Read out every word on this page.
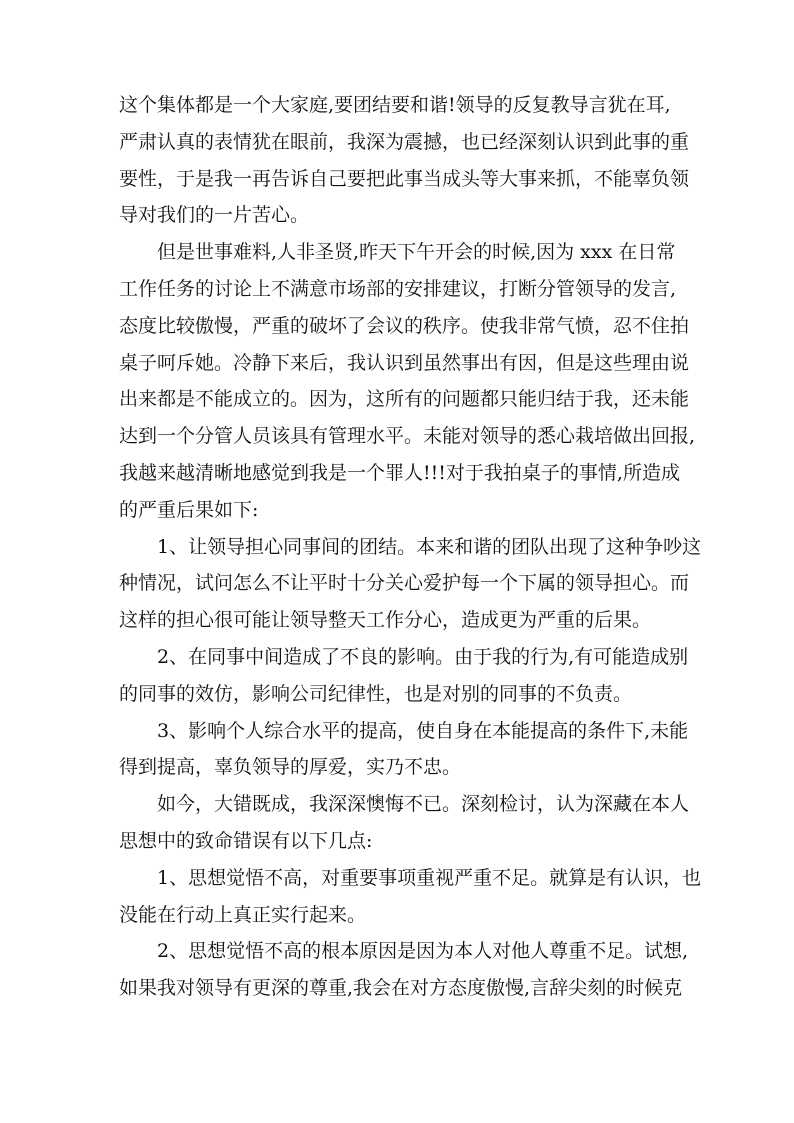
这个集体都是一个大家庭,要团结要和谐!领导的反复教导言犹在耳,
严肃认真的表情犹在眼前，我深为震撼，也已经深刻认识到此事的重
要性，于是我一再告诉自己要把此事当成头等大事来抓，不能辜负领
导对我们的一片苦心。
但是世事难料,人非圣贤,昨天下午开会的时候,因为 xxx 在日常
工作任务的讨论上不满意市场部的安排建议，打断分管领导的发言,
态度比较傲慢，严重的破坏了会议的秩序。使我非常气愤，忍不住拍
桌子呵斥她。冷静下来后，我认识到虽然事出有因，但是这些理由说
出来都是不能成立的。因为，这所有的问题都只能归结于我，还未能
达到一个分管人员该具有管理水平。未能对领导的悉心栽培做出回报,
我越来越清晰地感觉到我是一个罪人!!!对于我拍桌子的事情,所造成
的严重后果如下:
1、让领导担心同事间的团结。本来和谐的团队出现了这种争吵这
种情况，试问怎么不让平时十分关心爱护每一个下属的领导担心。而
这样的担心很可能让领导整天工作分心，造成更为严重的后果。
2、在同事中间造成了不良的影响。由于我的行为,有可能造成别
的同事的效仿，影响公司纪律性，也是对别的同事的不负责。
3、影响个人综合水平的提高，使自身在本能提高的条件下,未能
得到提高，辜负领导的厚爱，实乃不忠。
如今，大错既成，我深深懊悔不已。深刻检讨，认为深藏在本人
思想中的致命错误有以下几点:
1、思想觉悟不高，对重要事项重视严重不足。就算是有认识，也
没能在行动上真正实行起来。
2、思想觉悟不高的根本原因是因为本人对他人尊重不足。试想,
如果我对领导有更深的尊重,我会在对方态度傲慢,言辞尖刻的时候克
